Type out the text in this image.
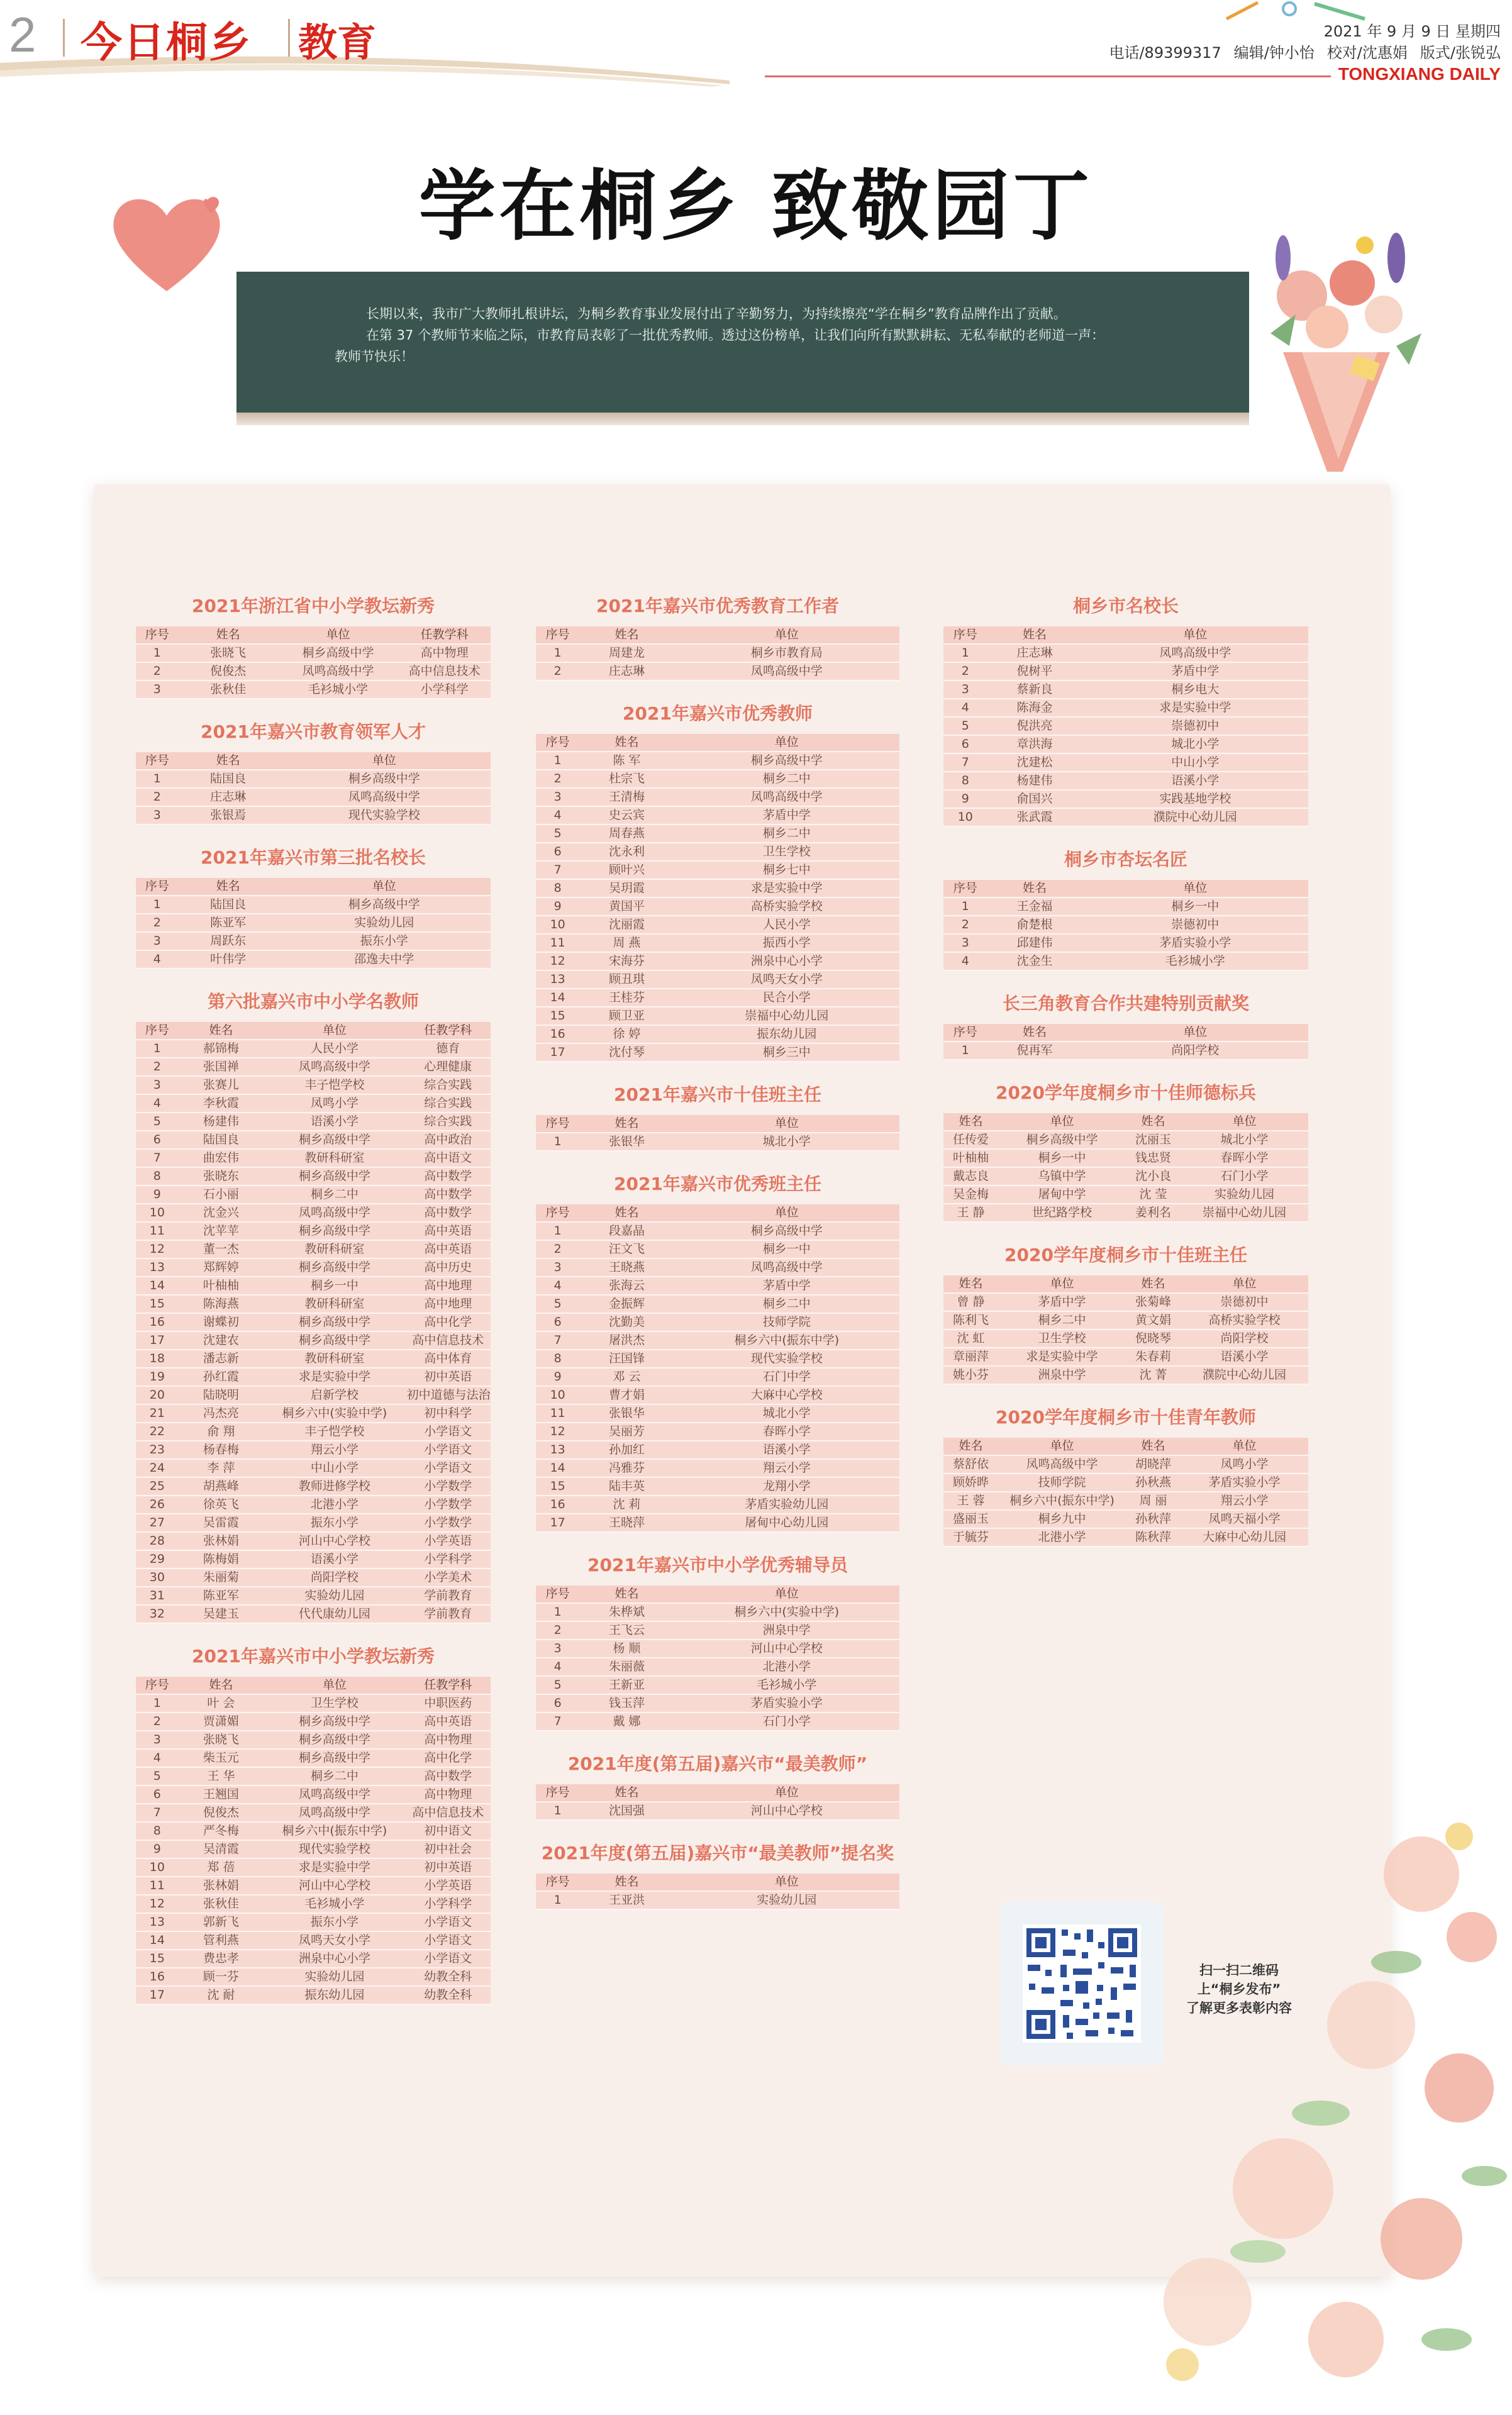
2 今日桐乡 教育	2021 年 9 月 9 日 星期四
电话/89399317 编辑/钟小怡 校对/沈惠娟 版式/张锐弘
TONGXIANG DAILY
学在桐乡 致敬园丁

长期以来，我市广大教师扎根讲坛，为桐乡教育事业发展付出了辛勤努力，为持续擦亮“学在桐乡”教育品牌作出了贡献。

在第 37 个教师节来临之际，市教育局表彰了一批优秀教师。透过这份榜单，让我们向所有默默耕耘、无私奉献的老师道一声：

教师节快乐！

2021年浙江省中小学教坛新秀
序号	姓名	单位	任教学科
1	张晓飞	桐乡高级中学	高中物理
2	倪俊杰	凤鸣高级中学	高中信息技术
3	张秋佳	毛衫城小学	小学科学
2021年嘉兴市教育领军人才
序号	姓名	单位
1	陆国良	桐乡高级中学
2	庄志琳	凤鸣高级中学
3	张银焉	现代实验学校
2021年嘉兴市第三批名校长
序号	姓名	单位
1	陆国良	桐乡高级中学
2	陈亚军	实验幼儿园
3	周跃东	振东小学
4	叶伟学	邵逸夫中学
第六批嘉兴市中小学名教师
序号	姓名	单位	任教学科
1	郝锦梅	人民小学	德育
2	张国禅	凤鸣高级中学	心理健康
3	张赛儿	丰子恺学校	综合实践
4	李秋霞	凤鸣小学	综合实践
5	杨建伟	语溪小学	综合实践
6	陆国良	桐乡高级中学	高中政治
7	曲宏伟	教研科研室	高中语文
8	张晓东	桐乡高级中学	高中数学
9	石小丽	桐乡二中	高中数学
10	沈金兴	凤鸣高级中学	高中数学
11	沈苹苹	桐乡高级中学	高中英语
12	董一杰	教研科研室	高中英语
13	郑辉婷	桐乡高级中学	高中历史
14	叶柚柚	桐乡一中	高中地理
15	陈海燕	教研科研室	高中地理
16	谢蝶初	桐乡高级中学	高中化学
17	沈建农	桐乡高级中学	高中信息技术
18	潘志新	教研科研室	高中体育
19	孙红霞	求是实验中学	初中英语
20	陆晓明	启新学校	初中道德与法治
21	冯杰亮	桐乡六中(实验中学)	初中科学
22	俞 翔	丰子恺学校	小学语文
23	杨春梅	翔云小学	小学语文
24	李 萍	中山小学	小学语文
25	胡燕峰	教师进修学校	小学数学
26	徐英飞	北港小学	小学数学
27	吴雷霞	振东小学	小学数学
28	张林娟	河山中心学校	小学英语
29	陈梅娟	语溪小学	小学科学
30	朱丽菊	尚阳学校	小学美术
31	陈亚军	实验幼儿园	学前教育
32	吴建玉	代代康幼儿园	学前教育
2021年嘉兴市中小学教坛新秀
序号	姓名	单位	任教学科
1	叶 会	卫生学校	中职医药
2	贾潇媚	桐乡高级中学	高中英语
3	张晓飞	桐乡高级中学	高中物理
4	柴玉元	桐乡高级中学	高中化学
5	王 华	桐乡二中	高中数学
6	王翘国	凤鸣高级中学	高中物理
7	倪俊杰	凤鸣高级中学	高中信息技术
8	严冬梅	桐乡六中(振东中学)	初中语文
9	吴清霞	现代实验学校	初中社会
10	郑 蓓	求是实验中学	初中英语
11	张林娟	河山中心学校	小学英语
12	张秋佳	毛衫城小学	小学科学
13	郭新飞	振东小学	小学语文
14	管利燕	凤鸣天女小学	小学语文
15	费忠孝	洲泉中心小学	小学语文
16	顾一芬	实验幼儿园	幼教全科
17	沈 耐	振东幼儿园	幼教全科
2021年嘉兴市优秀教育工作者
序号	姓名	单位
1	周建龙	桐乡市教育局
2	庄志琳	凤鸣高级中学
2021年嘉兴市优秀教师
序号	姓名	单位
1	陈 军	桐乡高级中学
2	杜宗飞	桐乡二中
3	王清梅	凤鸣高级中学
4	史云宾	茅盾中学
5	周春燕	桐乡二中
6	沈永利	卫生学校
7	顾叶兴	桐乡七中
8	吴玥霞	求是实验中学
9	黄国平	高桥实验学校
10	沈丽霞	人民小学
11	周 燕	振西小学
12	宋海芬	洲泉中心小学
13	顾丑琪	凤鸣天女小学
14	王桂芬	民合小学
15	顾卫亚	崇福中心幼儿园
16	徐 婷	振东幼儿园
17	沈付琴	桐乡三中
2021年嘉兴市十佳班主任
序号	姓名	单位
1	张银华	城北小学
2021年嘉兴市优秀班主任
序号	姓名	单位
1	段嘉晶	桐乡高级中学
2	汪文飞	桐乡一中
3	王晓燕	凤鸣高级中学
4	张海云	茅盾中学
5	金振辉	桐乡二中
6	沈勤美	技师学院
7	屠洪杰	桐乡六中(振东中学)
8	汪国锋	现代实验学校
9	邓 云	石门中学
10	曹才娟	大麻中心学校
11	张银华	城北小学
12	吴丽芳	春晖小学
13	孙加红	语溪小学
14	冯雅芬	翔云小学
15	陆丰英	龙翔小学
16	沈 莉	茅盾实验幼儿园
17	王晓萍	屠甸中心幼儿园
2021年嘉兴市中小学优秀辅导员
序号	姓名	单位
1	朱桦斌	桐乡六中(实验中学)
2	王飞云	洲泉中学
3	杨 顺	河山中心学校
4	朱丽薇	北港小学
5	王新亚	毛衫城小学
6	钱玉萍	茅盾实验小学
7	戴 娜	石门小学
2021年度(第五届)嘉兴市“最美教师”
序号	姓名	单位
1	沈国强	河山中心学校
2021年度(第五届)嘉兴市“最美教师”提名奖
序号	姓名	单位
1	王亚洪	实验幼儿园
桐乡市名校长
序号	姓名	单位
1	庄志琳	凤鸣高级中学
2	倪树平	茅盾中学
3	蔡新良	桐乡电大
4	陈海金	求是实验中学
5	倪洪亮	崇德初中
6	章洪海	城北小学
7	沈建松	中山小学
8	杨建伟	语溪小学
9	俞国兴	实践基地学校
10	张武霞	濮院中心幼儿园
桐乡市杏坛名匠
序号	姓名	单位
1	王金福	桐乡一中
2	俞楚根	崇德初中
3	邱建伟	茅盾实验小学
4	沈金生	毛衫城小学
长三角教育合作共建特别贡献奖
序号	姓名	单位
1	倪再军	尚阳学校
2020学年度桐乡市十佳师德标兵
姓名	单位	姓名	单位
任传爱	桐乡高级中学	沈丽玉	城北小学
叶柚柚	桐乡一中	钱忠贤	春晖小学
戴志良	乌镇中学	沈小良	石门小学
吴金梅	屠甸中学	沈 莹	实验幼儿园
王 静	世纪路学校	姜利名	崇福中心幼儿园
2020学年度桐乡市十佳班主任
姓名	单位	姓名	单位
曾 静	茅盾中学	张菊峰	崇德初中
陈利飞	桐乡二中	黄文娟	高桥实验学校
沈 虹	卫生学校	倪晓琴	尚阳学校
章丽萍	求是实验中学	朱春莉	语溪小学
姚小芬	洲泉中学	沈 菁	濮院中心幼儿园
2020学年度桐乡市十佳青年教师
姓名	单位	姓名	单位
蔡舒依	凤鸣高级中学	胡晓萍	凤鸣小学
顾娇晔	技师学院	孙秋燕	茅盾实验小学
王 蓉	桐乡六中(振东中学)	周 丽	翔云小学
盛丽玉	桐乡九中	孙秋萍	凤鸣天福小学
于毓芬	北港小学	陈秋萍	大麻中心幼儿园
扫一扫二维码
上“桐乡发布”
了解更多表彰内容
